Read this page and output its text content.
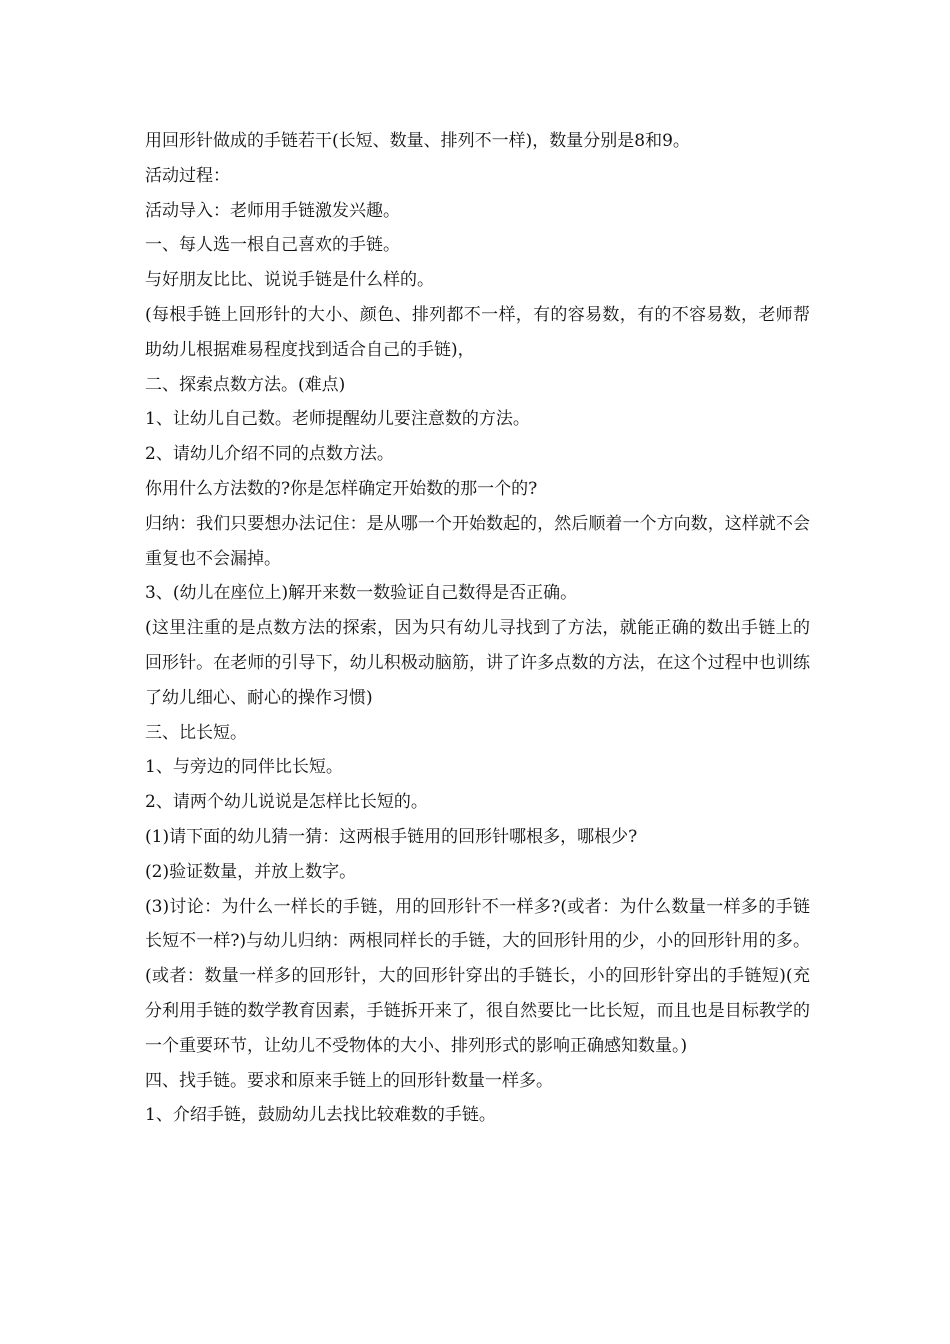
用回形针做成的手链若干(长短、数量、排列不一样)，数量分别是8和9。

活动过程：

活动导入：老师用手链激发兴趣。

一、每人选一根自己喜欢的手链。

与好朋友比比、说说手链是什么样的。

(每根手链上回形针的大小、颜色、排列都不一样，有的容易数，有的不容易数，老师帮助幼儿根据难易程度找到适合自己的手链)，

二、探索点数方法。(难点)

1、让幼儿自己数。老师提醒幼儿要注意数的方法。

2、请幼儿介绍不同的点数方法。

你用什么方法数的?你是怎样确定开始数的那一个的?

归纳：我们只要想办法记住：是从哪一个开始数起的，然后顺着一个方向数，这样就不会重复也不会漏掉。

3、(幼儿在座位上)解开来数一数验证自己数得是否正确。

(这里注重的是点数方法的探索，因为只有幼儿寻找到了方法，就能正确的数出手链上的回形针。在老师的引导下，幼儿积极动脑筋，讲了许多点数的方法，在这个过程中也训练了幼儿细心、耐心的操作习惯)

三、比长短。

1、与旁边的同伴比长短。

2、请两个幼儿说说是怎样比长短的。

(1)请下面的幼儿猜一猜：这两根手链用的回形针哪根多，哪根少?

(2)验证数量，并放上数字。

(3)讨论：为什么一样长的手链，用的回形针不一样多?(或者：为什么数量一样多的手链长短不一样?)与幼儿归纳：两根同样长的手链，大的回形针用的少，小的回形针用的多。(或者：数量一样多的回形针，大的回形针穿出的手链长，小的回形针穿出的手链短)(充分利用手链的数学教育因素，手链拆开来了，很自然要比一比长短，而且也是目标教学的一个重要环节，让幼儿不受物体的大小、排列形式的影响正确感知数量。)

四、找手链。要求和原来手链上的回形针数量一样多。

1、介绍手链，鼓励幼儿去找比较难数的手链。
